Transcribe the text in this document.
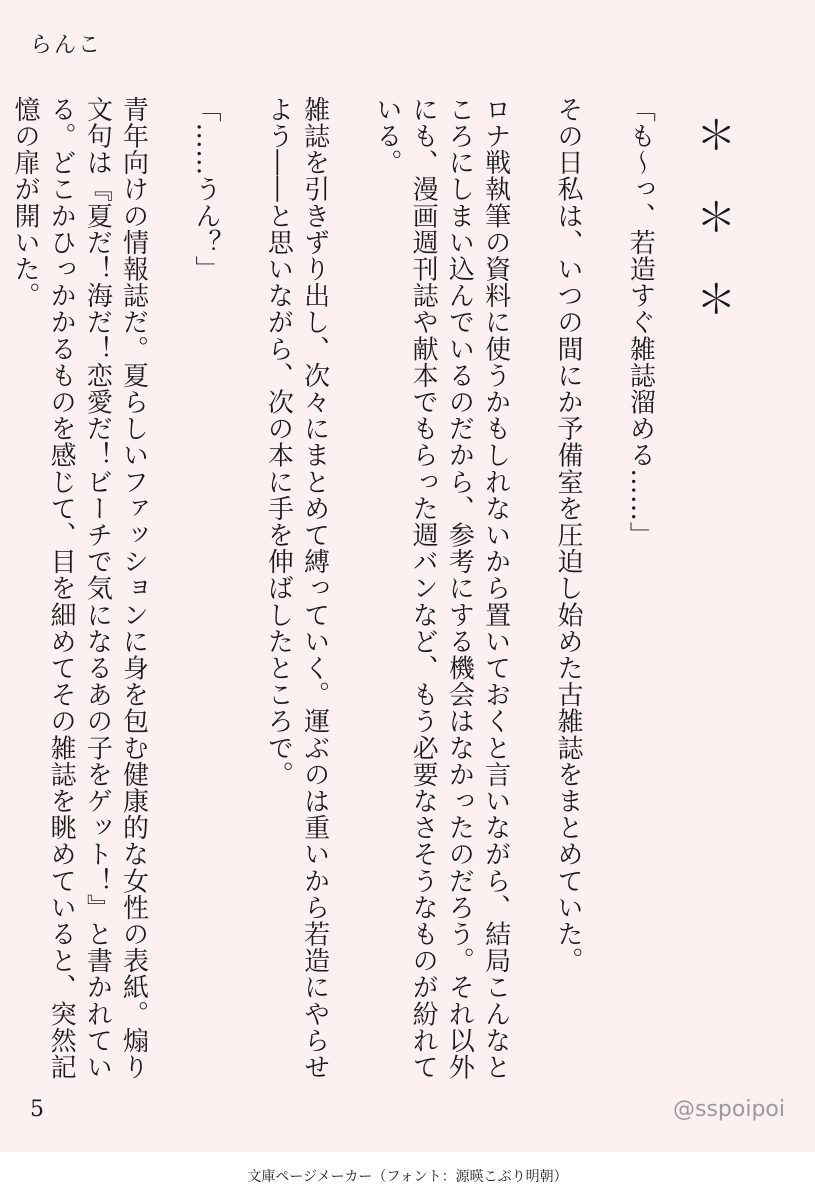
らんこ

＊＊＊

「も〜っ、若造すぐ雑誌溜める……」

その日私は、いつの間にか予備室を圧迫し始めた古雑誌をまとめていた。

ロナ戦執筆の資料に使うかもしれないから置いておくと言いながら、結局こんなところにしまい込んでいるのだから、参考にする機会はなかったのだろう。それ以外にも、漫画週刊誌や献本でもらった週バンなど、もう必要なさそうなものが紛れている。

雑誌を引きずり出し、次々にまとめて縛っていく。運ぶのは重いから若造にやらせよう――と思いながら、次の本に手を伸ばしたところで。

「……うん？」

青年向けの情報誌だ。夏らしいファッションに身を包む健康的な女性の表紙。煽り文句は『夏だ！海だ！恋愛だ！ビーチで気になるあの子をゲット！』と書かれている。どこかひっかかるものを感じて、目を細めてその雑誌を眺めていると、突然記憶の扉が開いた。

5	@sspoipoi
文庫ページメーカー（フォント：源暎こぶり明朝）
